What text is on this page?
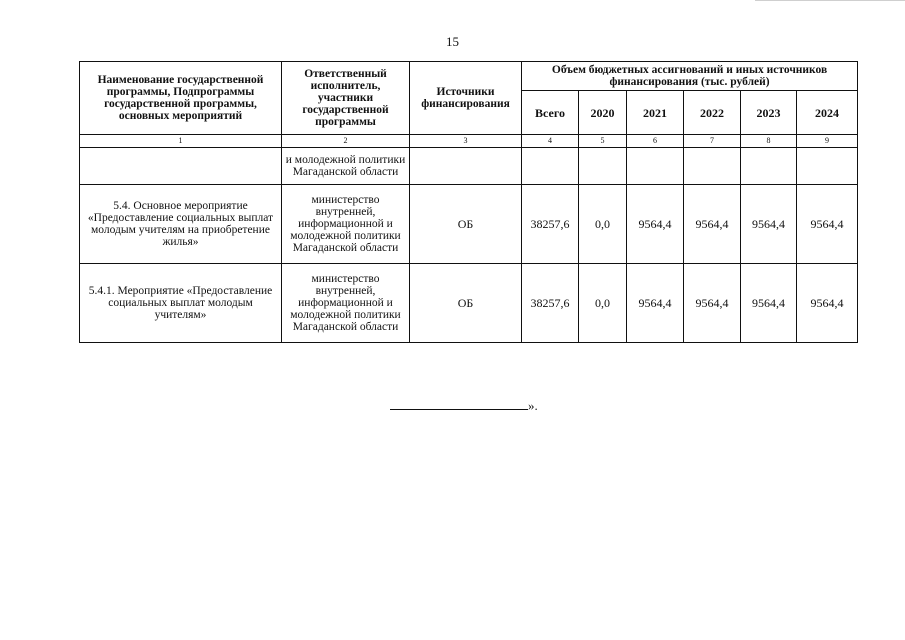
15
Наименование государственной программы, Подпрограммы государственной программы, основных мероприятий	Ответственный исполнитель, участники государственной программы	Источники финансирования	Объем бюджетных ассигнований и иных источников финансирования (тыс. рублей)					
			Всего	2020	2021	2022	2023	2024
1	2	3	4	5	6	7	8	9
	и молодежной политики Магаданской области							
5.4. Основное мероприятие «Предоставление социальных выплат молодым учителям на приобретение жилья»	министерство внутренней, информационной и молодежной политики Магаданской области	ОБ	38257,6	0,0	9564,4	9564,4	9564,4	9564,4
5.4.1. Мероприятие «Предоставление социальных выплат молодым учителям»	министерство внутренней, информационной и молодежной политики Магаданской области	ОБ	38257,6	0,0	9564,4	9564,4	9564,4	9564,4
».
